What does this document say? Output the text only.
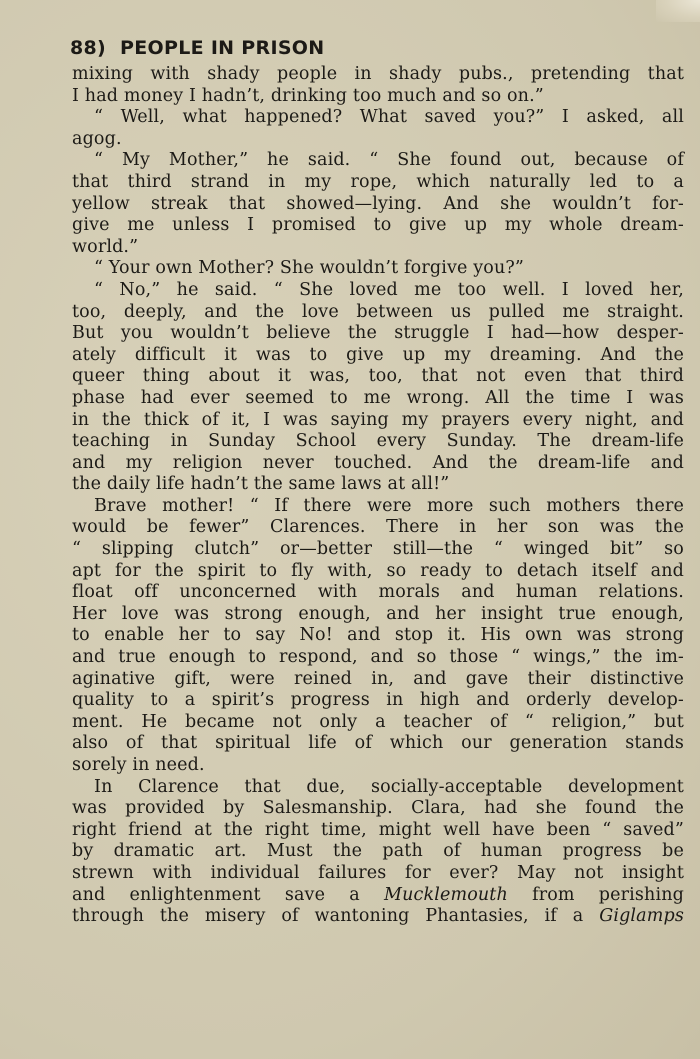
88) PEOPLE IN PRISON
mixing with shady people in shady pubs., pretending that
I had money I hadn’t, drinking too much and so on.”
“ Well, what happened? What saved you?” I asked, all
agog.
“ My Mother,” he said. “ She found out, because of
that third strand in my rope, which naturally led to a
yellow streak that showed—lying. And she wouldn’t for-
give me unless I promised to give up my whole dream-
world.”
“ Your own Mother? She wouldn’t forgive you?”
“ No,” he said. “ She loved me too well. I loved her,
too, deeply, and the love between us pulled me straight.
But you wouldn’t believe the struggle I had—how desper-
ately difficult it was to give up my dreaming. And the
queer thing about it was, too, that not even that third
phase had ever seemed to me wrong. All the time I was
in the thick of it, I was saying my prayers every night, and
teaching in Sunday School every Sunday. The dream-life
and my religion never touched. And the dream-life and
the daily life hadn’t the same laws at all!”
Brave mother! “ If there were more such mothers there
would be fewer” Clarences. There in her son was the
“ slipping clutch” or—better still—the “ winged bit” so
apt for the spirit to fly with, so ready to detach itself and
float off unconcerned with morals and human relations.
Her love was strong enough, and her insight true enough,
to enable her to say No! and stop it. His own was strong
and true enough to respond, and so those “ wings,” the im-
aginative gift, were reined in, and gave their distinctive
quality to a spirit’s progress in high and orderly develop-
ment. He became not only a teacher of “ religion,” but
also of that spiritual life of which our generation stands
sorely in need.
In Clarence that due, socially-acceptable development
was provided by Salesmanship. Clara, had she found the
right friend at the right time, might well have been “ saved”
by dramatic art. Must the path of human progress be
strewn with individual failures for ever? May not insight
and enlightenment save a Mucklemouth from perishing
through the misery of wantoning Phantasies, if a Giglamps
